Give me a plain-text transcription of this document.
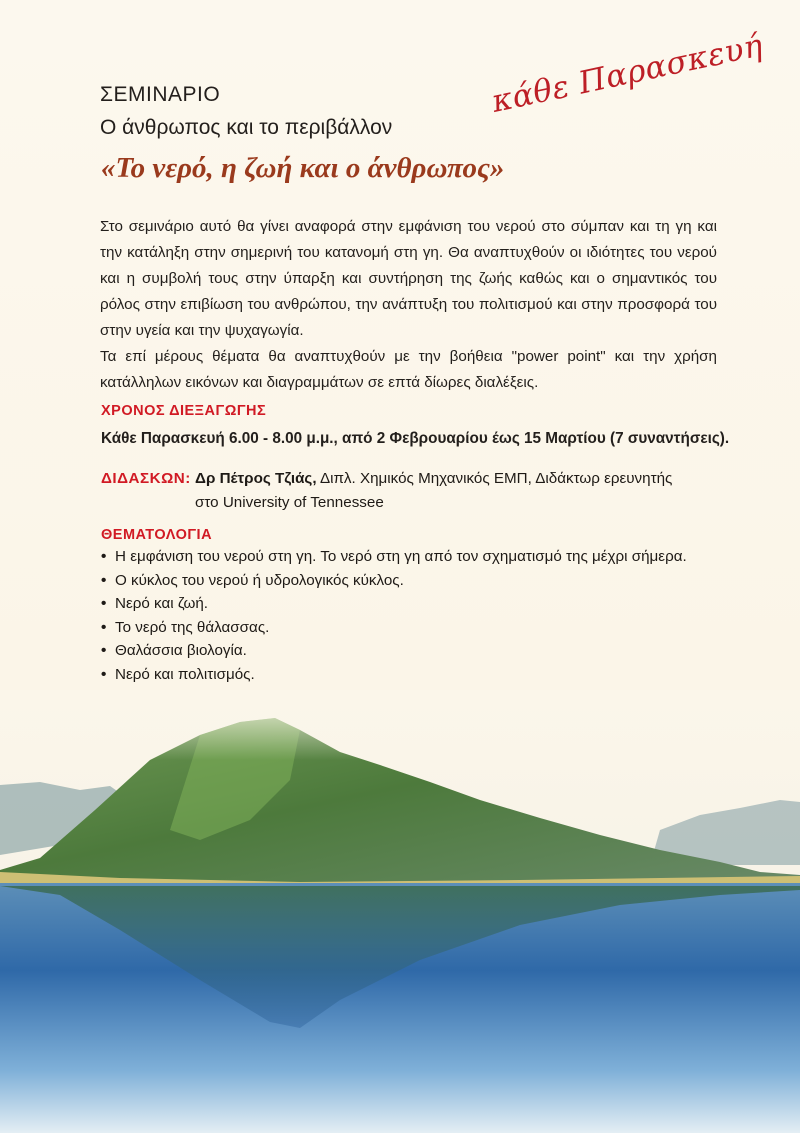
ΣΕΜΙΝΑΡΙΟ
Ο άνθρωπος και το περιβάλλον
«Το νερό, η ζωή και ο άνθρωπος»
κάθε Παρασκευή
Στο σεμινάριο αυτό θα γίνει αναφορά στην εμφάνιση του νερού στο σύμπαν και τη γη και την κατάληξη στην σημερινή του κατανομή στη γη. Θα αναπτυχθούν οι ιδιότητες του νερού και η συμβολή τους στην ύπαρξη και συντήρηση της ζωής καθώς και ο σημαντικός του ρόλος στην επιβίωση του ανθρώπου, την ανάπτυξη του πολιτισμού και στην προσφορά του στην υγεία και την ψυχαγωγία.
Τα επί μέρους θέματα θα αναπτυχθούν με την βοήθεια "power point" και την χρήση κατάλληλων εικόνων και διαγραμμάτων σε επτά δίωρες διαλέξεις.
ΧΡΟΝΟΣ ΔΙΕΞΑΓΩΓΗΣ
Κάθε Παρασκευή 6.00 - 8.00 μ.μ., από 2 Φεβρουαρίου έως 15 Μαρτίου (7 συναντήσεις).
ΔΙΔΑΣΚΩΝ: Δρ Πέτρος Τζιάς, Διπλ. Χημικός Μηχανικός ΕΜΠ, Διδάκτωρ ερευνητής
στο University of Tennessee
ΘΕΜΑΤΟΛΟΓΙΑ
• Η εμφάνιση του νερού στη γη. Το νερό στη γη από τον σχηματισμό της μέχρι σήμερα.
• Ο κύκλος του νερού ή υδρολογικός κύκλος.
• Νερό και ζωή.
• Το νερό της θάλασσας.
• Θαλάσσια βιολογία.
• Νερό και πολιτισμός.
•
